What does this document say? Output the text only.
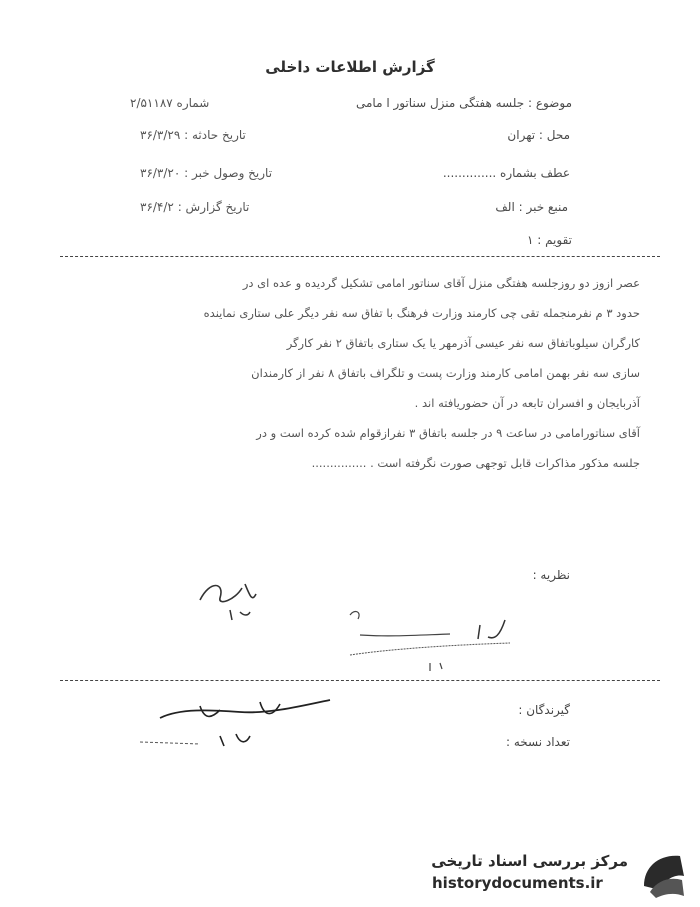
گزارش اطلاعات داخلی
موضوع : جلسه هفتگی منزل سناتور ا مامی
شماره ۲/۵۱۱۸۷
محل : تهران
تاریخ حادثه : ۳۶/۳/۲۹
عطف بشماره ..............
تاریخ وصول خبر : ۳۶/۳/۲۰
منبع خبر : الف
تاریخ گزارش : ۳۶/۴/۲
تقویم : ۱

عصر ازوز دو روزجلسه هفتگی منزل آقای سناتور امامی تشکیل گردیده و عده ای در

حدود ۳ م نفرمنجمله تقی چی کارمند وزارت فرهنگ با تفاق سه نفر دیگر علی ستاری نماینده

کارگران سیلوباتفاق سه نفر عیسی آذرمهر یا یک ستاری باتفاق ۲ نفر کارگر

سازی سه نفر بهمن امامی کارمند وزارت پست و تلگراف باتفاق ۸ نفر از کارمندان

آذربایجان و افسران تابعه در آن حضوریافته اند .

آقای سناتورامامی در ساعت ۹ در جلسه باتفاق ۳ نفرازقوام شده کرده است و در

جلسه مذکور مذاکرات قابل توجهی صورت نگرفته است . ...............

نظریه :
گیرندگان :
تعداد نسخه :
مرکز بررسی اسناد تاریخی
historydocuments.ir
